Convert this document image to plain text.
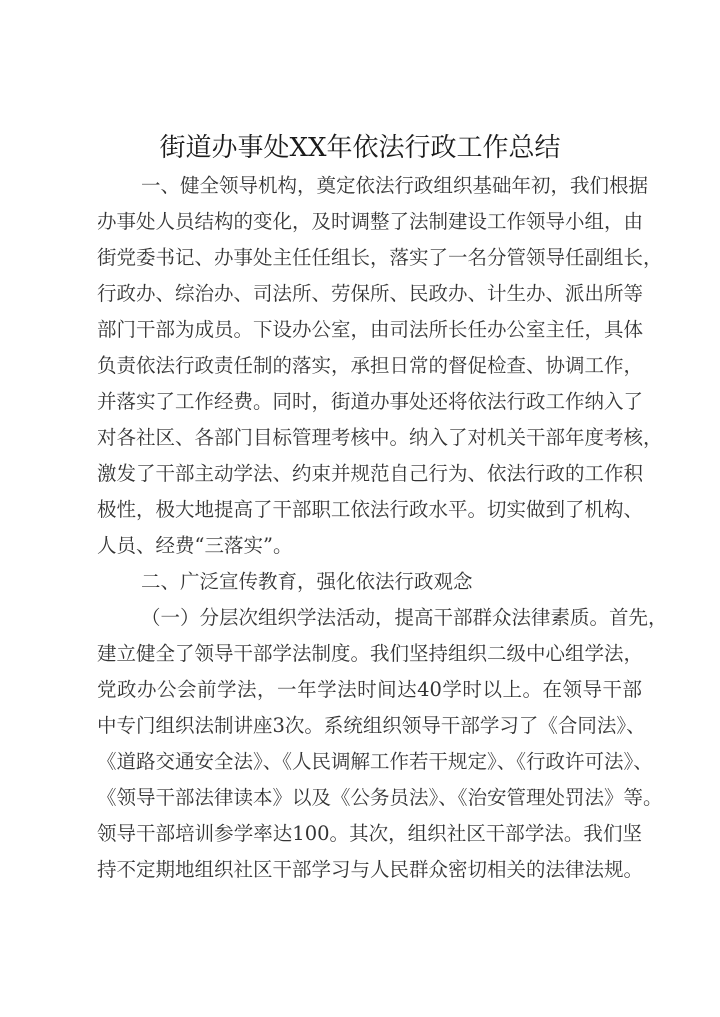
街道办事处XX年依法行政工作总结
一、健全领导机构，奠定依法行政组织基础年初，我们根据
办事处人员结构的变化，及时调整了法制建设工作领导小组，由
街党委书记、办事处主任任组长，落实了一名分管领导任副组长，
行政办、综治办、司法所、劳保所、民政办、计生办、派出所等
部门干部为成员。下设办公室，由司法所长任办公室主任，具体
负责依法行政责任制的落实，承担日常的督促检查、协调工作，
并落实了工作经费。同时，街道办事处还将依法行政工作纳入了
对各社区、各部门目标管理考核中。纳入了对机关干部年度考核，
激发了干部主动学法、约束并规范自己行为、依法行政的工作积
极性，极大地提高了干部职工依法行政水平。切实做到了机构、
人员、经费“三落实”。
二、广泛宣传教育，强化依法行政观念
（一）分层次组织学法活动，提高干部群众法律素质。首先，
建立健全了领导干部学法制度。我们坚持组织二级中心组学法，
党政办公会前学法，一年学法时间达40学时以上。在领导干部
中专门组织法制讲座3次。系统组织领导干部学习了《合同法》、
《道路交通安全法》、《人民调解工作若干规定》、《行政许可法》、
《领导干部法律读本》以及《公务员法》、《治安管理处罚法》等。
领导干部培训参学率达100。其次，组织社区干部学法。我们坚
持不定期地组织社区干部学习与人民群众密切相关的法律法规。
